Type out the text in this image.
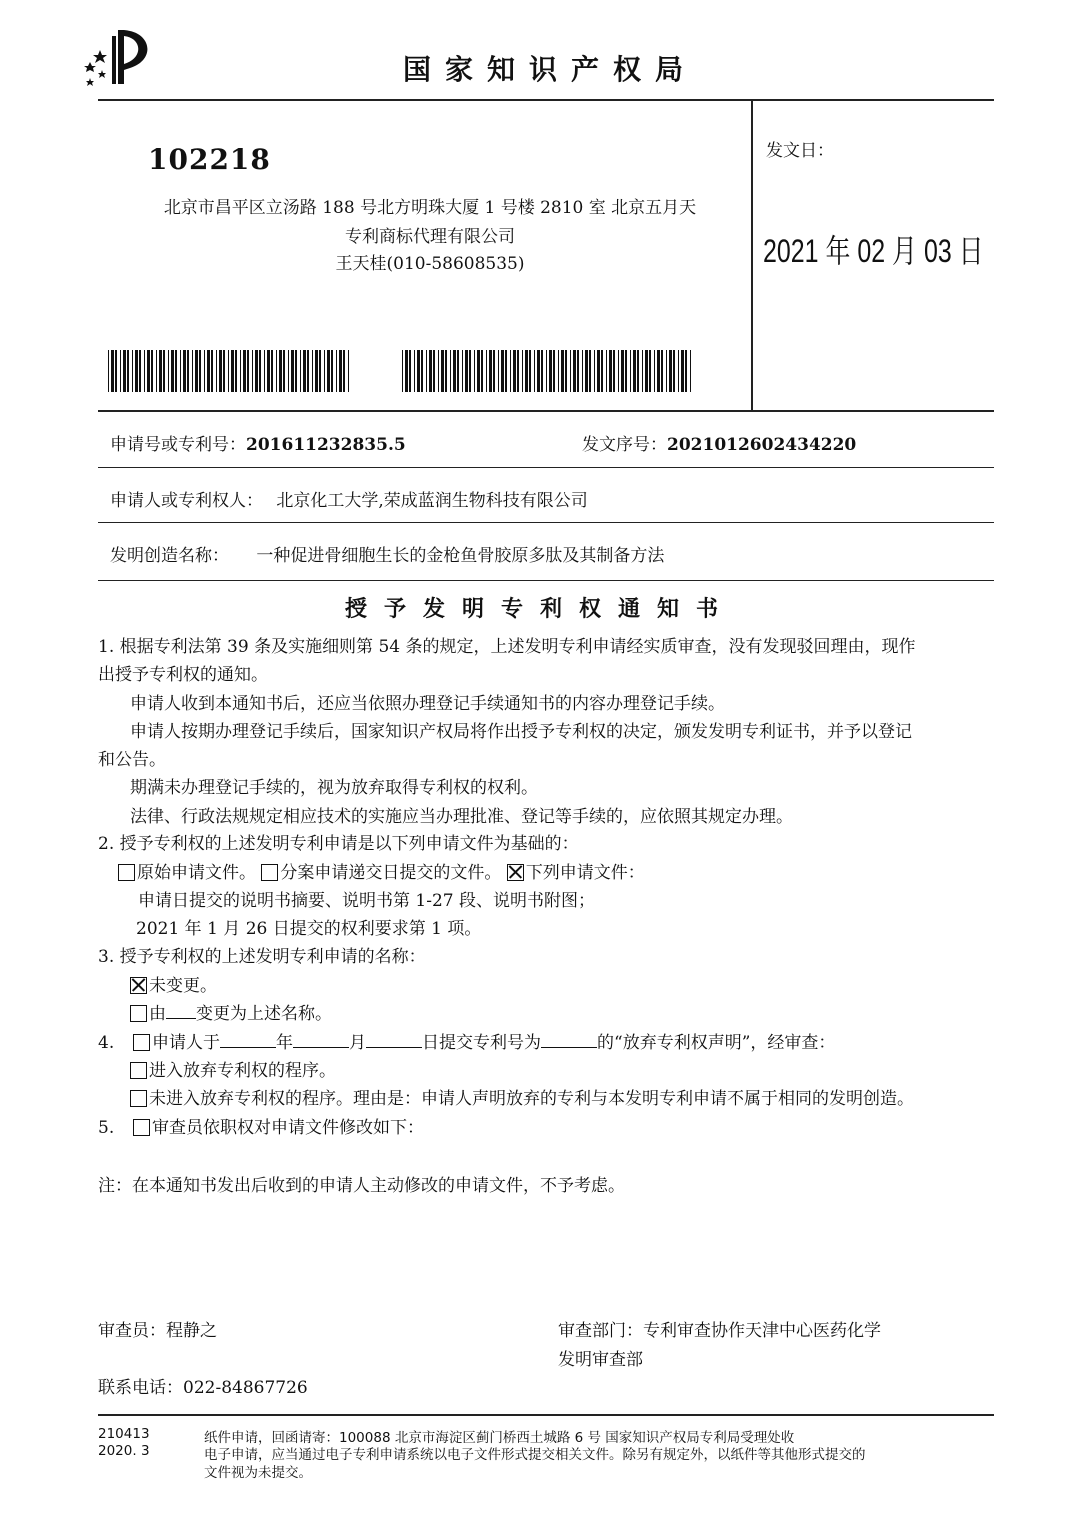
国家知识产权局
102218
北京市昌平区立汤路 188 号北方明珠大厦 1 号楼 2810 室 北京五月天
专利商标代理有限公司
王天桂(010-58608535)
发文日：
2021 年 02 月 03 日
申请号或专利号：201611232835.5	发文序号：2021012602434220
申请人或专利权人： 北京化工大学,荣成蓝润生物科技有限公司
发明创造名称： 一种促进骨细胞生长的金枪鱼骨胶原多肽及其制备方法
授予发明专利权通知书
1. 根据专利法第 39 条及实施细则第 54 条的规定，上述发明专利申请经实质审查，没有发现驳回理由，现作
出授予专利权的通知。
申请人收到本通知书后，还应当依照办理登记手续通知书的内容办理登记手续。
申请人按期办理登记手续后，国家知识产权局将作出授予专利权的决定，颁发发明专利证书，并予以登记
和公告。
期满未办理登记手续的，视为放弃取得专利权的权利。
法律、行政法规规定相应技术的实施应当办理批准、登记等手续的，应依照其规定办理。
2. 授予专利权的上述发明专利申请是以下列申请文件为基础的：
原始申请文件。 分案申请递交日提交的文件。 下列申请文件：
申请日提交的说明书摘要、说明书第 1-27 段、说明书附图；
2021 年 1 月 26 日提交的权利要求第 1 项。
3. 授予专利权的上述发明专利申请的名称：
未变更。
由 变更为上述名称。
4. 申请人于	年	月	日提交专利号为	的“放弃专利权声明”，经审查：
进入放弃专利权的程序。
未进入放弃专利权的程序。理由是：申请人声明放弃的专利与本发明专利申请不属于相同的发明创造。
5. 审查员依职权对申请文件修改如下：
注：在本通知书发出后收到的申请人主动修改的申请文件，不予考虑。
审查员：程静之	审查部门：专利审查协作天津中心医药化学
发明审查部
联系电话：022-84867726
210413
2020. 3
纸件申请，回函请寄：100088 北京市海淀区蓟门桥西土城路 6 号 国家知识产权局专利局受理处收
电子申请，应当通过电子专利申请系统以电子文件形式提交相关文件。除另有规定外，以纸件等其他形式提交的
文件视为未提交。
